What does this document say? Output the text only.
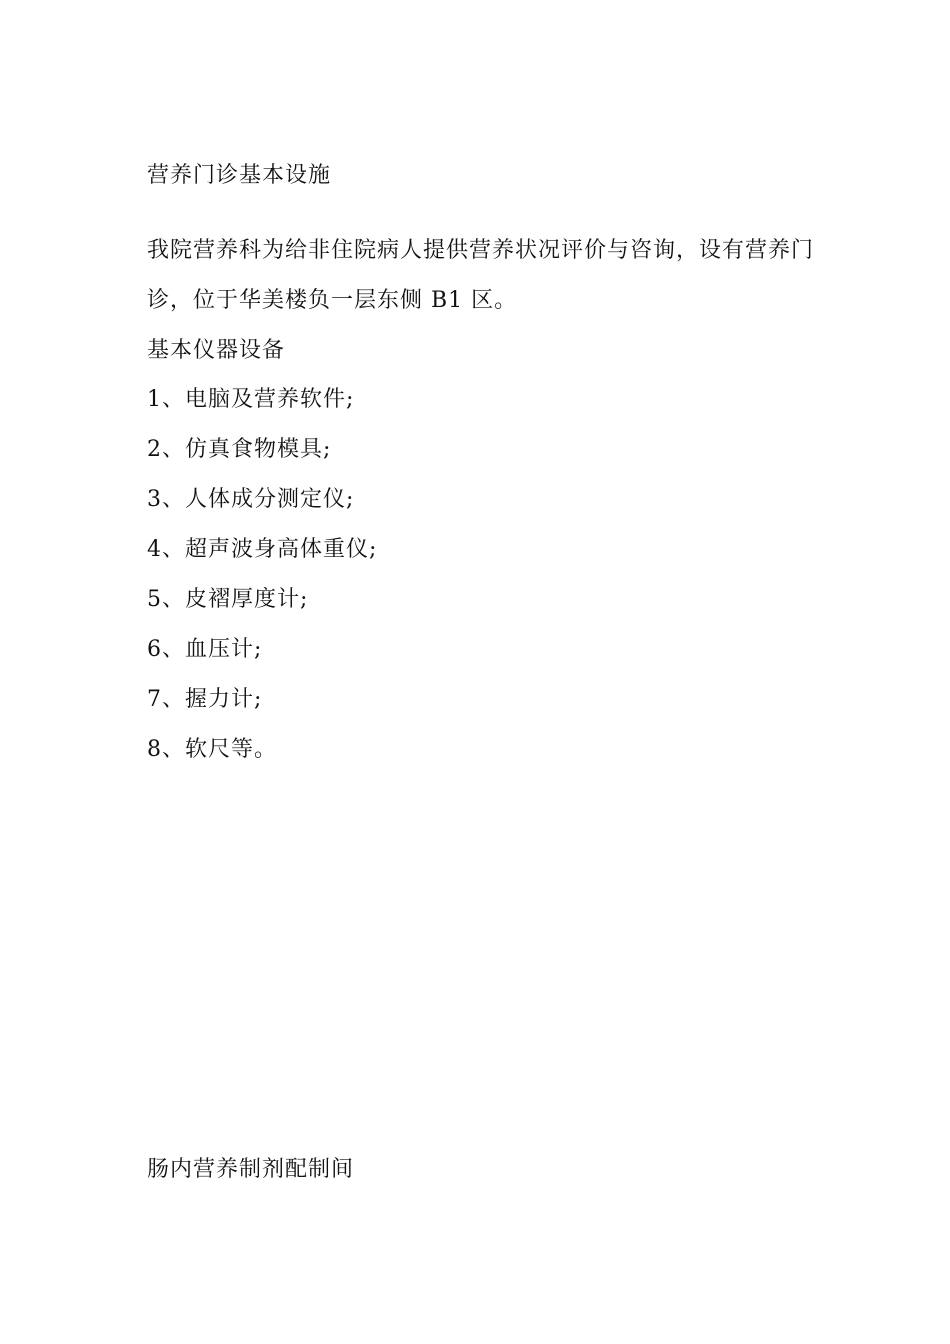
营养门诊基本设施
我院营养科为给非住院病人提供营养状况评价与咨询，设有营养门
诊，位于华美楼负一层东侧 B1 区。
基本仪器设备
1、电脑及营养软件;
2、仿真食物模具;
3、人体成分测定仪;
4、超声波身高体重仪;
5、皮褶厚度计;
6、血压计;
7、握力计;
8、软尺等。
肠内营养制剂配制间
